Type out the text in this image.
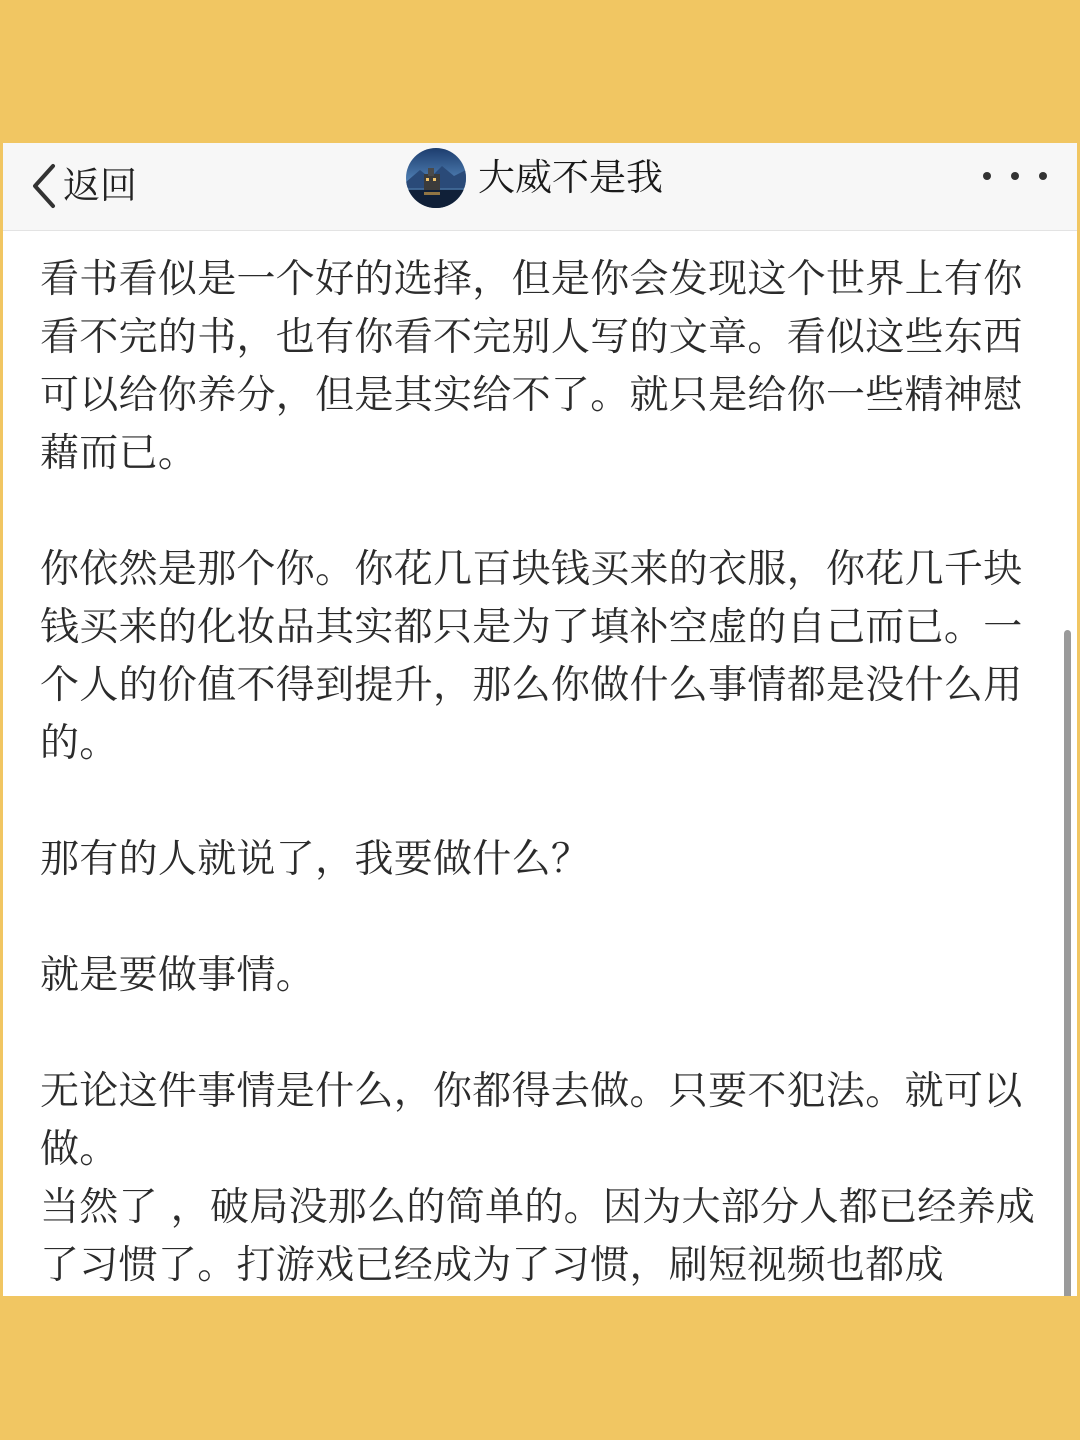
返回	大威不是我

看书看似是一个好的选择，但是你会发现这个世界上有你看不完的书，也有你看不完别人写的文章。看似这些东西可以给你养分，但是其实给不了。就只是给你一些精神慰藉而已。

你依然是那个你。你花几百块钱买来的衣服，你花几千块钱买来的化妆品其实都只是为了填补空虚的自己而已。一个人的价值不得到提升，那么你做什么事情都是没什么用的。

那有的人就说了，我要做什么？

就是要做事情。

无论这件事情是什么，你都得去做。只要不犯法。就可以做。

当然了 ，破局没那么的简单的。因为大部分人都已经养成了习惯了。打游戏已经成为了习惯，刷短视频也都成
